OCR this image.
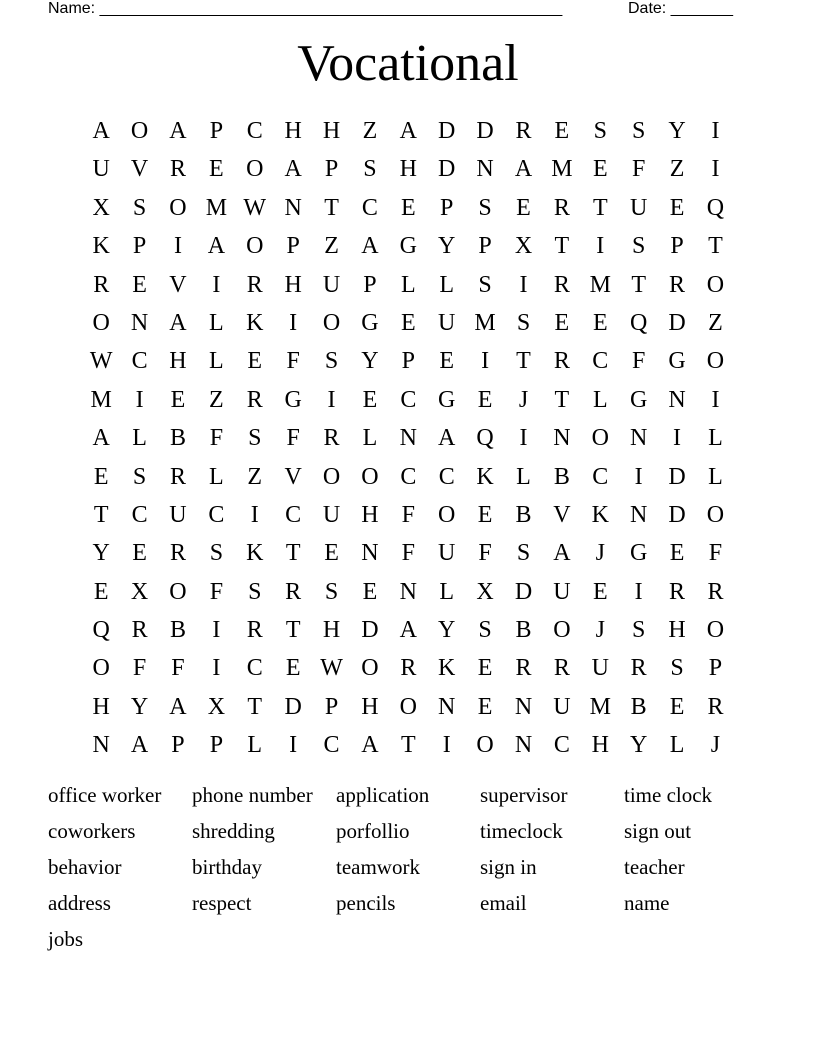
Name: ____________________________________________________	Date: _______
Vocational
A O A P C H H Z A D D R E	S	S Y	I
U V R E O A P	S H D N A M E	F	Z	I
X S O M W N T C E	P	S	E R T U E Q
K P	I	A O P	Z A G Y P X T	I	S	P	T
R E V	I	R H U P	L L	S	I	R M T R O
O N A L K	I	O G E U M S	E E Q D Z
W C H L E	F	S Y P	E	I	T R C F G O
M I	E Z R G	I	E C G E	J	T L G N	I
A L B F	S	F R L N A Q	I	N O N	I	L
E	S R L Z V O O C C K L B C	I	D L
T C U C	I	C U H F O E B V K N D O
Y E R S K T E N F U F	S A	J	G E	F
E X O F	S R S	E N L X D U E	I	R R
Q R B	I	R T H D A Y S B O	J	S H O
O F	F	I	C E W O R K E R R U R S	P
H Y A X T D P H O N E N U M B E R
N A P	P	L	I	C A T	I	O N C H Y L	J
office worker	phone number	application	supervisor	time clock
coworkers	shredding	porfollio	timeclock	sign out
behavior	birthday	teamwork	sign in	teacher
address	respect	pencils	email	name
jobs
